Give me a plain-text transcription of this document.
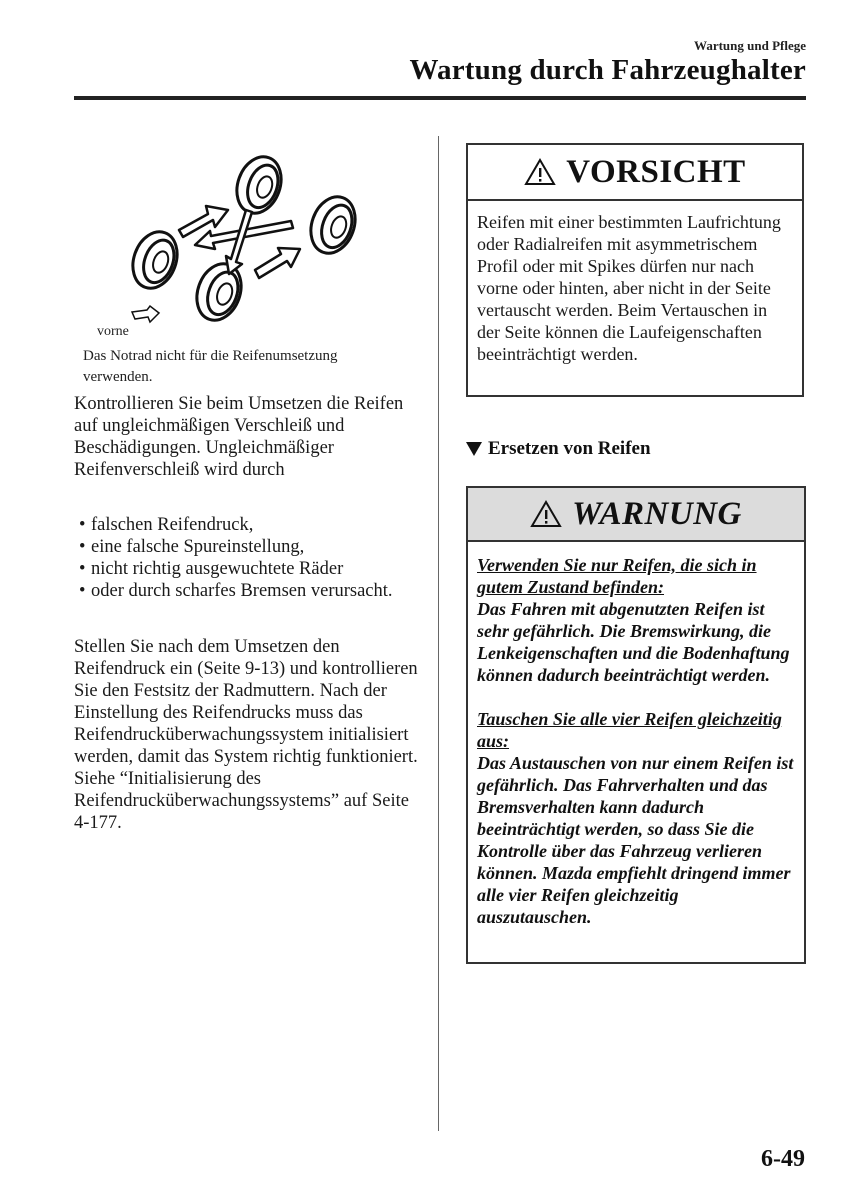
Wartung und Pflege
Wartung durch Fahrzeughalter
vorne
Das Notrad nicht für die Reifenumsetzung verwenden.

Kontrollieren Sie beim Umsetzen die Reifen auf ungleichmäßigen Verschleiß und Beschädigungen. Ungleichmäßiger Reifenverschleiß wird durch

• falschen Reifendruck,
• eine falsche Spureinstellung,
• nicht richtig ausgewuchtete Räder
• oder durch scharfes Bremsen verursacht.

Stellen Sie nach dem Umsetzen den Reifendruck ein (Seite 9-13) und kontrollieren Sie den Festsitz der Radmuttern. Nach der Einstellung des Reifendrucks muss das Reifendrucküberwachungssystem initialisiert werden, damit das System richtig funktioniert. Siehe “Initialisierung des Reifendrucküberwachungssystems” auf Seite 4-177.

VORSICHT
Reifen mit einer bestimmten Laufrichtung oder Radialreifen mit asymmetrischem Profil oder mit Spikes dürfen nur nach vorne oder hinten, aber nicht in der Seite vertauscht werden. Beim Vertauschen in der Seite können die Laufeigenschaften beeinträchtigt werden.
Ersetzen von Reifen
WARNUNG

Verwenden Sie nur Reifen, die sich in gutem Zustand befinden:

Das Fahren mit abgenutzten Reifen ist sehr gefährlich. Die Bremswirkung, die Lenkeigenschaften und die Bodenhaftung können dadurch beeinträchtigt werden.

Tauschen Sie alle vier Reifen gleichzeitig aus:

Das Austauschen von nur einem Reifen ist gefährlich. Das Fahrverhalten und das Bremsverhalten kann dadurch beeinträchtigt werden, so dass Sie die Kontrolle über das Fahrzeug verlieren können. Mazda empfiehlt dringend immer alle vier Reifen gleichzeitig auszutauschen.

6-49
